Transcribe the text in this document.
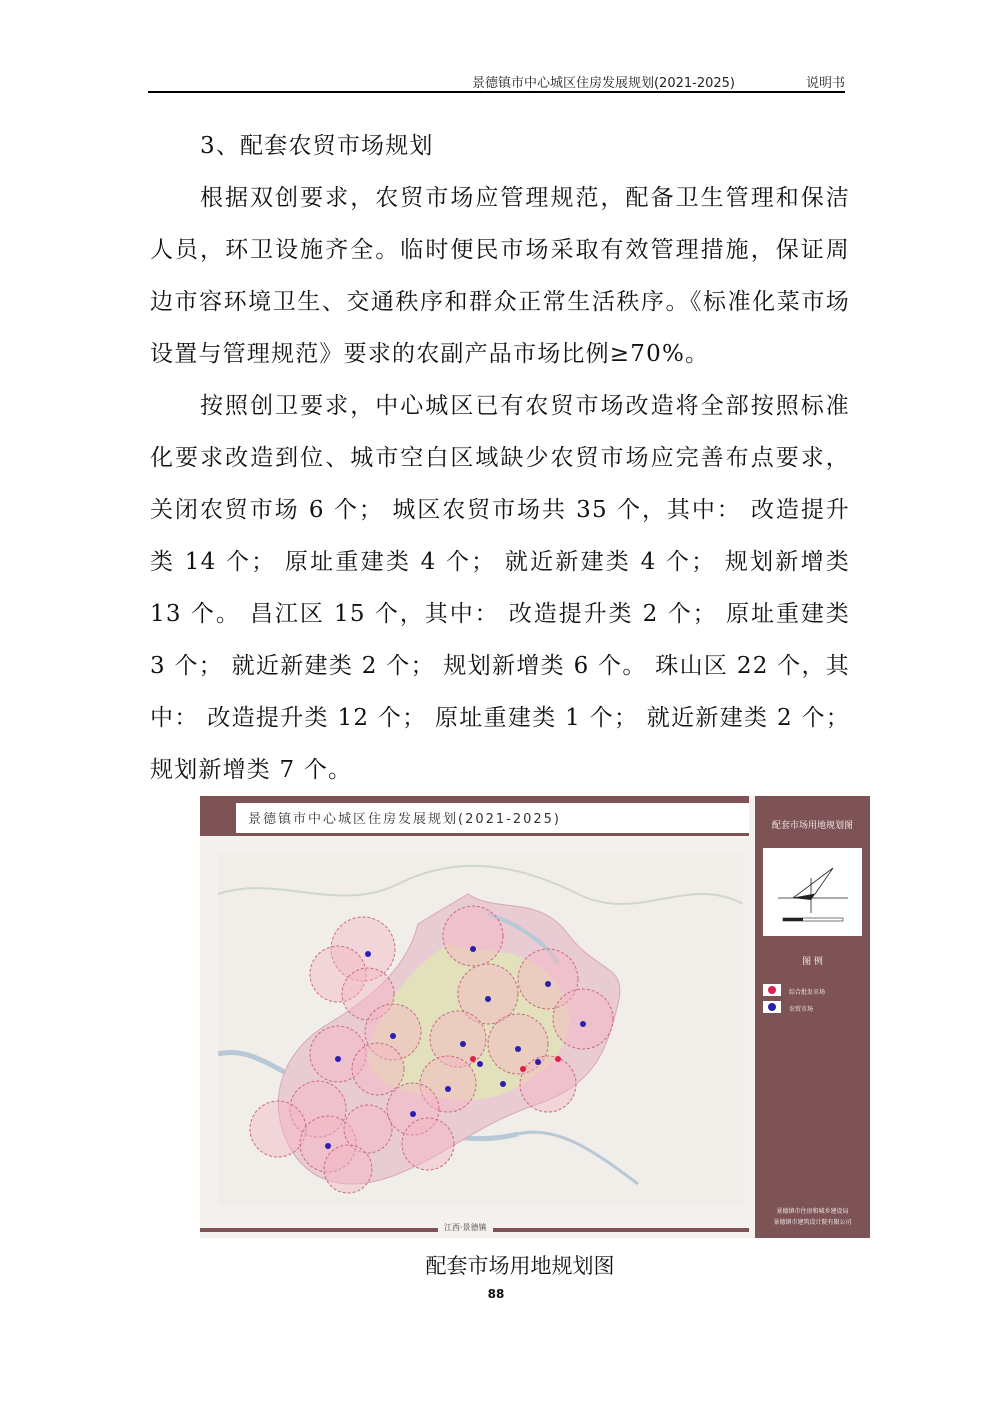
景德镇市中心城区住房发展规划(2021-2025)	说明书

3、配套农贸市场规划

根据双创要求，农贸市场应管理规范，配备卫生管理和保洁人员，环卫设施齐全。临时便民市场采取有效管理措施，保证周边市容环境卫生、交通秩序和群众正常生活秩序。《标准化菜市场设置与管理规范》要求的农副产品市场比例≥70%。

按照创卫要求，中心城区已有农贸市场改造将全部按照标准化要求改造到位、城市空白区域缺少农贸市场应完善布点要求，关闭农贸市场 6 个； 城区农贸市场共 35 个，其中： 改造提升类 14 个； 原址重建类 4 个； 就近新建类 4 个； 规划新增类 13 个。 昌江区 15 个，其中： 改造提升类 2 个； 原址重建类 3 个； 就近新建类 2 个； 规划新增类 6 个。 珠山区 22 个，其中： 改造提升类 12 个； 原址重建类 1 个； 就近新建类 2 个； 规划新增类 7 个。

景德镇市中心城区住房发展规划(2021-2025)
江西·景德镇
配套市场用地规划图
图 例
综合批发市场
农贸市场
景德镇市住房和城乡建设局
景德镇市建筑设计院有限公司
配套市场用地规划图
88
